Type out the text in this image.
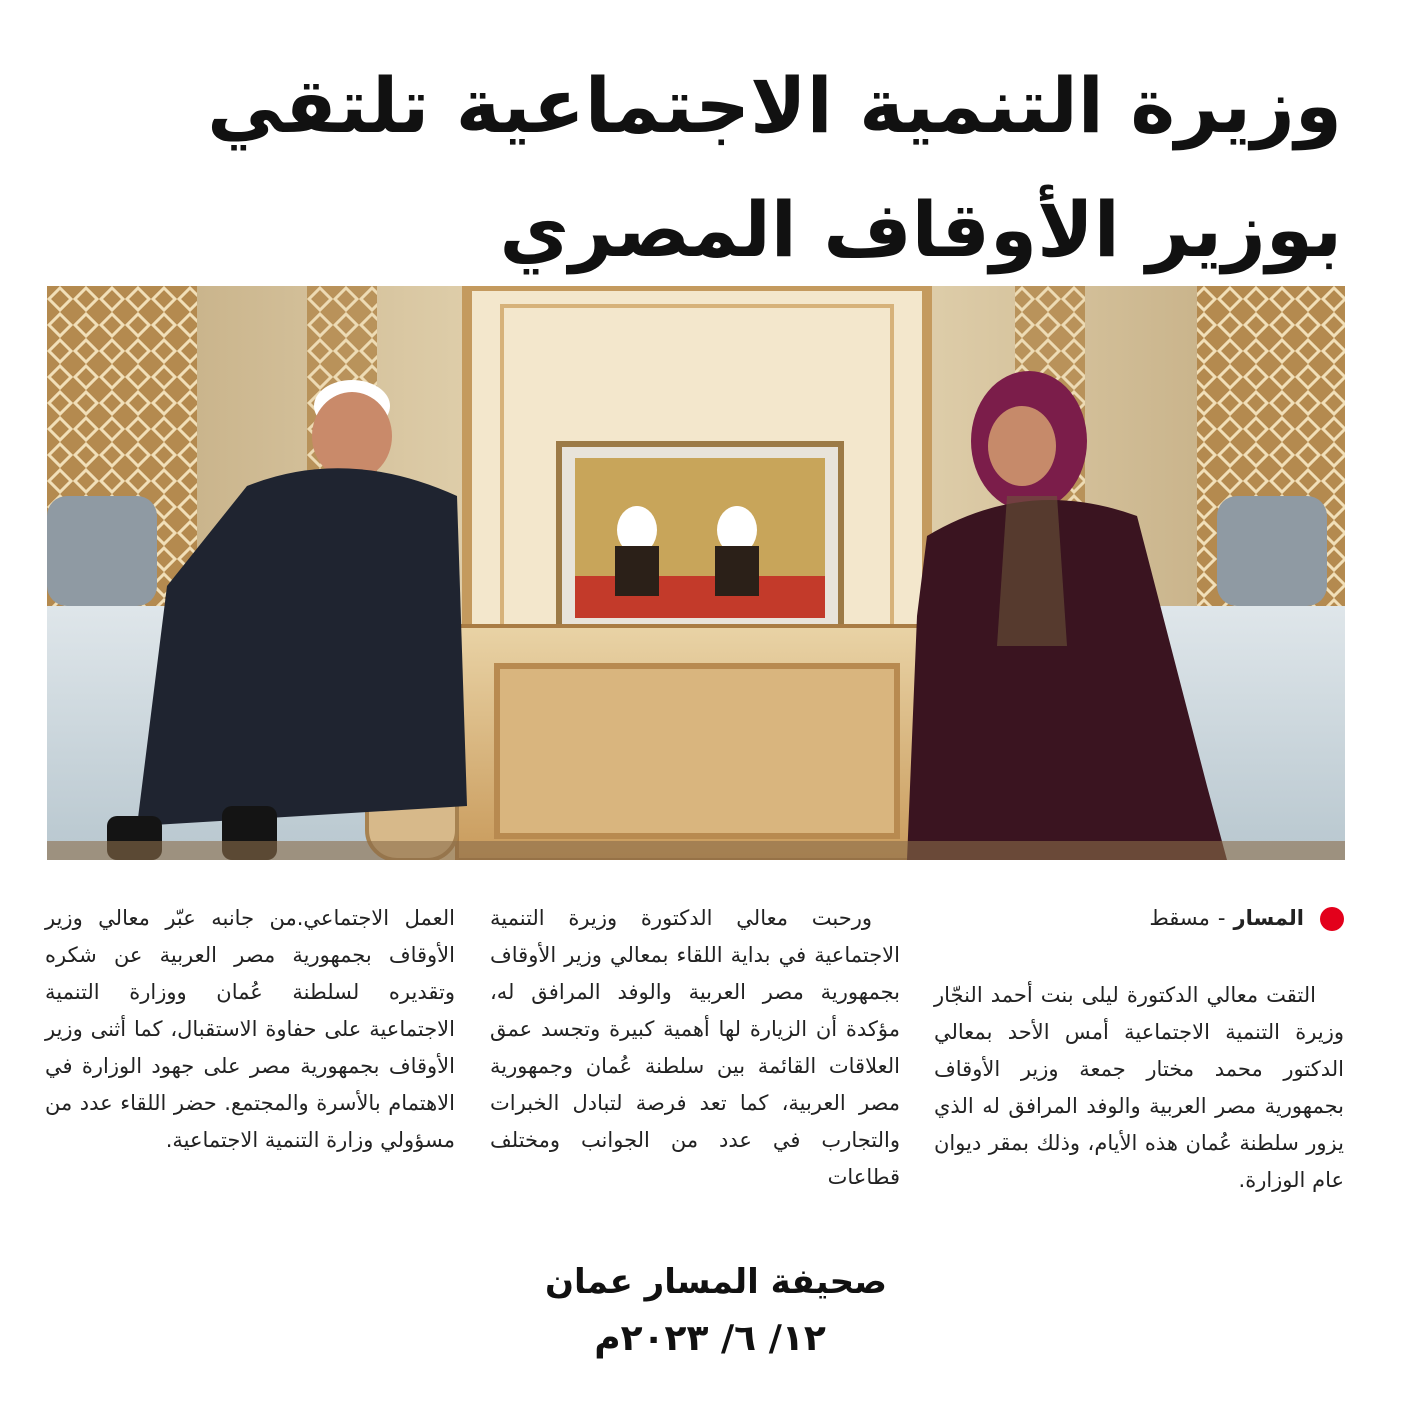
وزيرة التنمية الاجتماعية تلتقي بوزير الأوقاف المصري
المسار
-
مسقط

التقت معالي الدكتورة ليلى بنت أحمد النجّار وزيرة التنمية الاجتماعية أمس الأحد بمعالي الدكتور محمد مختار جمعة وزير الأوقاف بجمهورية مصر العربية والوفد المرافق له الذي يزور سلطنة عُمان هذه الأيام، وذلك بمقر ديوان عام الوزارة.

ورحبت معالي الدكتورة وزيرة التنمية الاجتماعية في بداية اللقاء بمعالي وزير الأوقاف بجمهورية مصر العربية والوفد المرافق له، مؤكدة أن الزيارة لها أهمية كبيرة وتجسد عمق العلاقات القائمة بين سلطنة عُمان وجمهورية مصر العربية، كما تعد فرصة لتبادل الخبرات والتجارب في عدد من الجوانب ومختلف قطاعات

العمل الاجتماعي.من جانبه عبّر معالي وزير الأوقاف بجمهورية مصر العربية عن شكره وتقديره لسلطنة عُمان ووزارة التنمية الاجتماعية على حفاوة الاستقبال، كما أثنى وزير الأوقاف بجمهورية مصر على جهود الوزارة في الاهتمام بالأسرة والمجتمع. حضر اللقاء عدد من مسؤولي وزارة التنمية الاجتماعية.

صحيفة المسار عمان
١٢/ ٦/ ٢٠٢٣م
